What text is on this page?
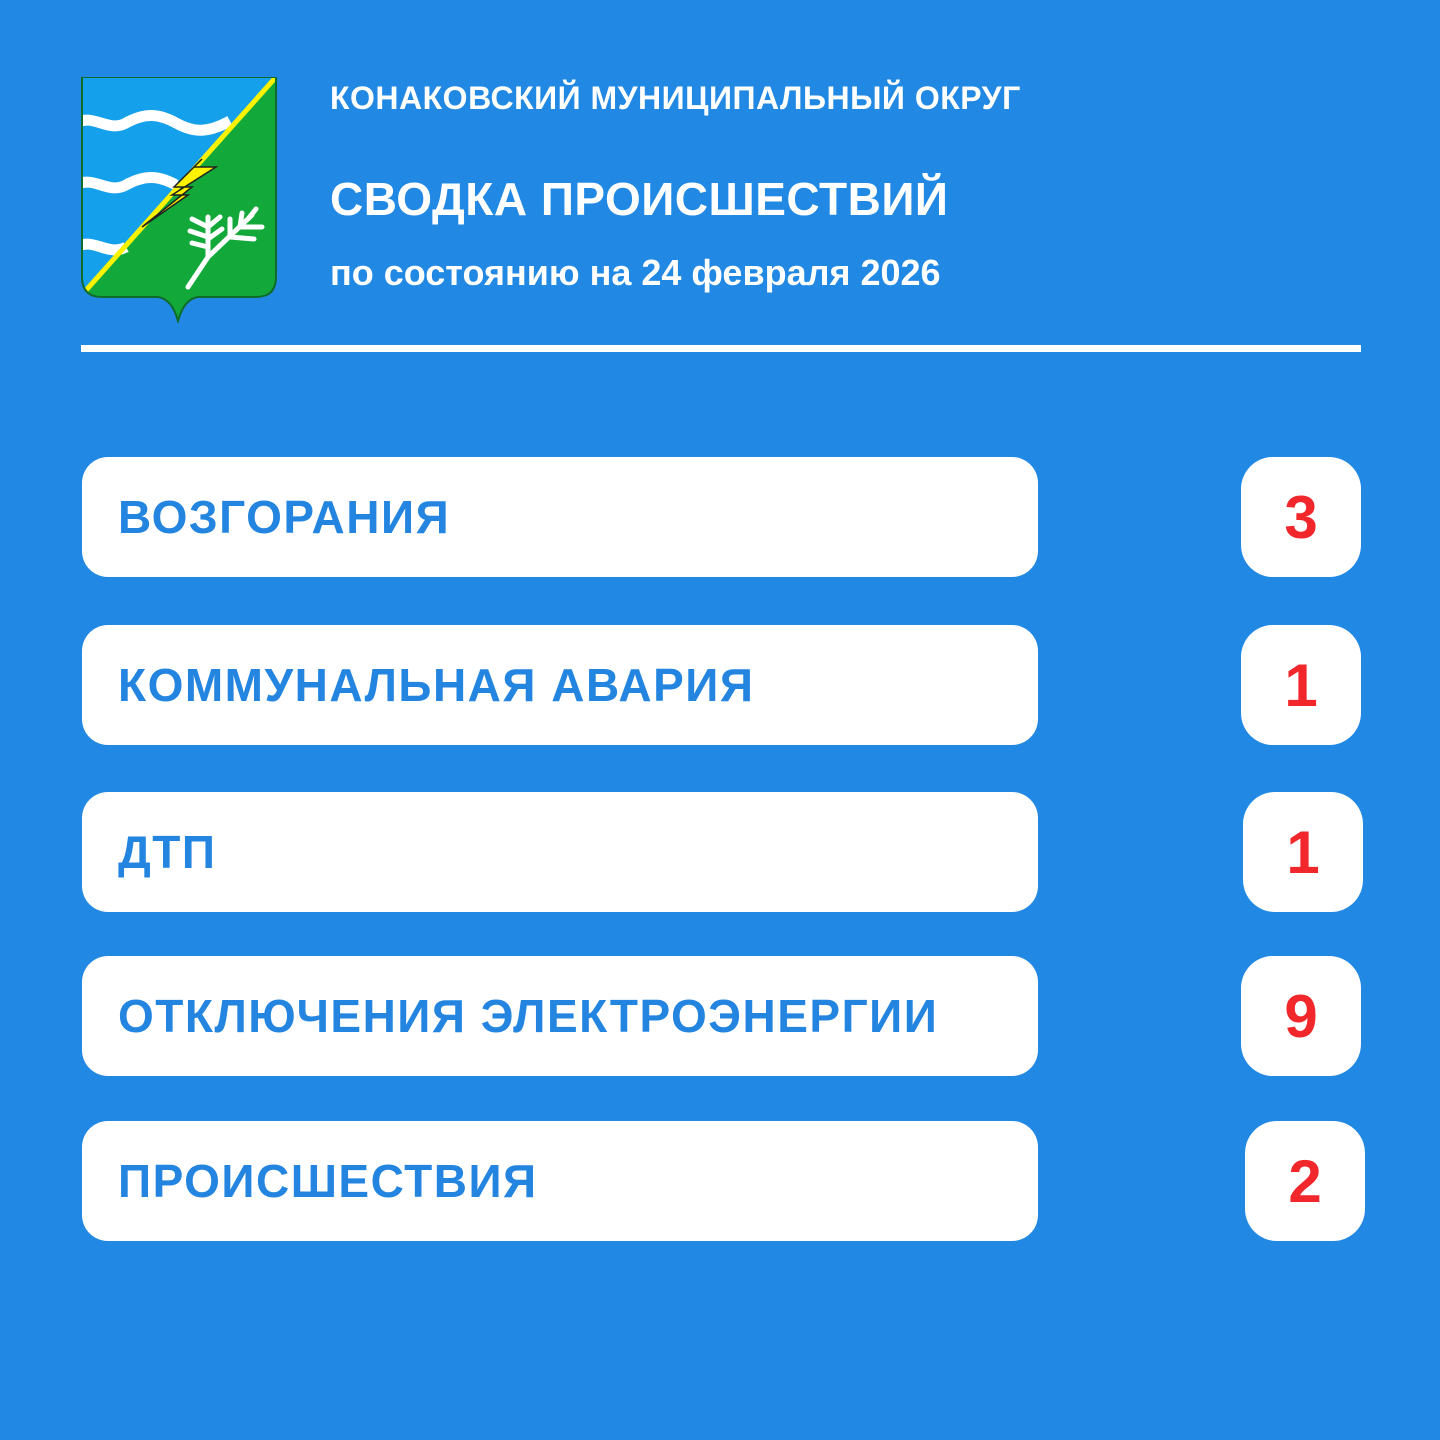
КОНАКОВСКИЙ МУНИЦИПАЛЬНЫЙ ОКРУГ
СВОДКА ПРОИСШЕСТВИЙ
по состоянию на 24 февраля 2026
ВОЗГОРАНИЯ	3
КОММУНАЛЬНАЯ АВАРИЯ	1
ДТП	1
ОТКЛЮЧЕНИЯ ЭЛЕКТРОЭНЕРГИИ	9
ПРОИСШЕСТВИЯ	2
